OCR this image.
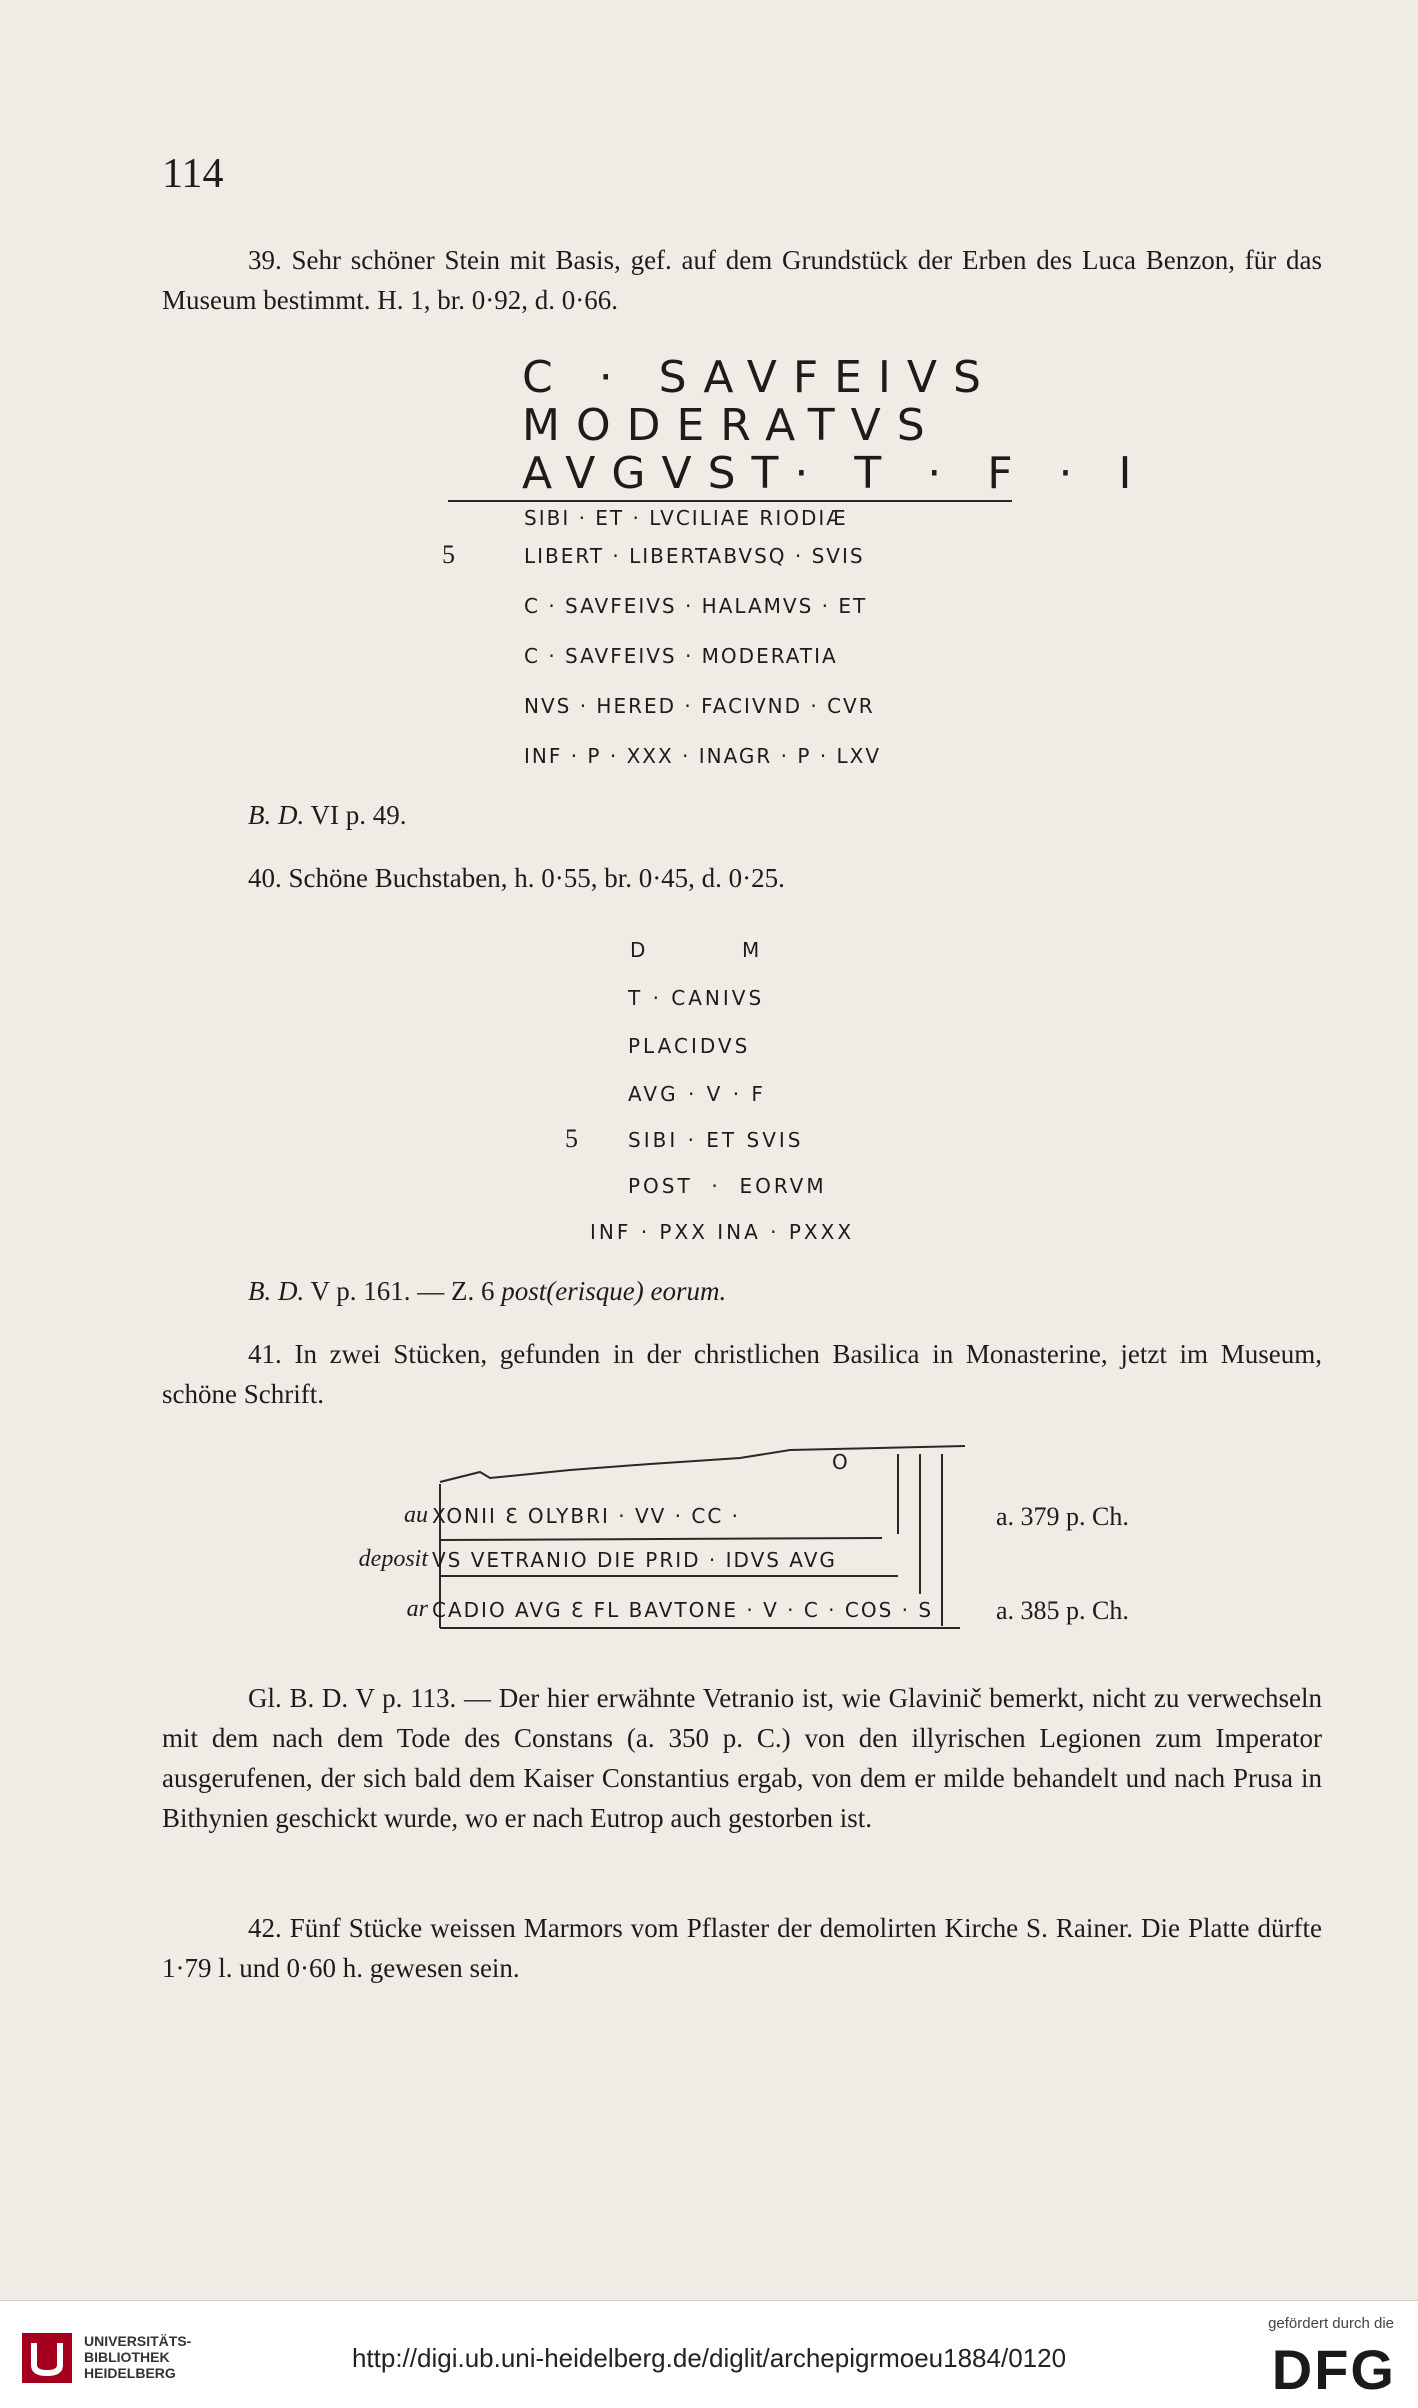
114

39. Sehr schöner Stein mit Basis, gef. auf dem Grundstück der Erben des Luca Benzon, für das Museum bestimmt. H. 1, br. 0·92, d. 0·66.

C · SAVFEIVS
MODERATVS
AVGVST· T · F · I
SIBI · ET · LVCILIAE RIODIÆ
5	LIBERT · LIBERTABVSQ · SVIS
C · SAVFEIVS · HALAMVS · ET
C · SAVFEIVS · MODERATIA
NVS · HERED · FACIVND · CVR
INF · P · XXX · INAGR · P · LXV
B. D. VI p. 49.

40. Schöne Buchstaben, h. 0·55, br. 0·45, d. 0·25.

D          M
T · CANIVS
PLACIDVS
AVG · V · F
5	SIBI · ET SVIS
POST  ·  EORVM
INF · PXX INA · PXXX
B. D. V p. 161. — Z. 6 post(erisque) eorum.

41. In zwei Stücken, gefunden in der christlichen Basilica in Monasterine, jetzt im Museum, schöne Schrift.

O
au XONII Ɛ OLYBRI · VV · CC ·	a. 379 p. Ch.
deposit VS VETRANIO DIE PRID · IDVS AVG
ar CADIO AVG Ɛ FL BAVTONE · V · C · COS · S a. 385 p. Ch.

Gl. B. D. V p. 113. — Der hier erwähnte Vetranio ist, wie Glavinič bemerkt, nicht zu verwechseln mit dem nach dem Tode des Constans (a. 350 p. C.) von den illyrischen Legionen zum Imperator ausgerufenen, der sich bald dem Kaiser Constantius ergab, von dem er milde behandelt und nach Prusa in Bithynien geschickt wurde, wo er nach Eutrop auch gestorben ist.

42. Fünf Stücke weissen Marmors vom Pflaster der demolirten Kirche S. Rainer. Die Platte dürfte 1·79 l. und 0·60 h. gewesen sein.

UNIVERSITÄTS-
BIBLIOTHEK
HEIDELBERG	http://digi.ub.uni-heidelberg.de/diglit/archepigrmoeu1884/0120
gefördert durch die
DFG
